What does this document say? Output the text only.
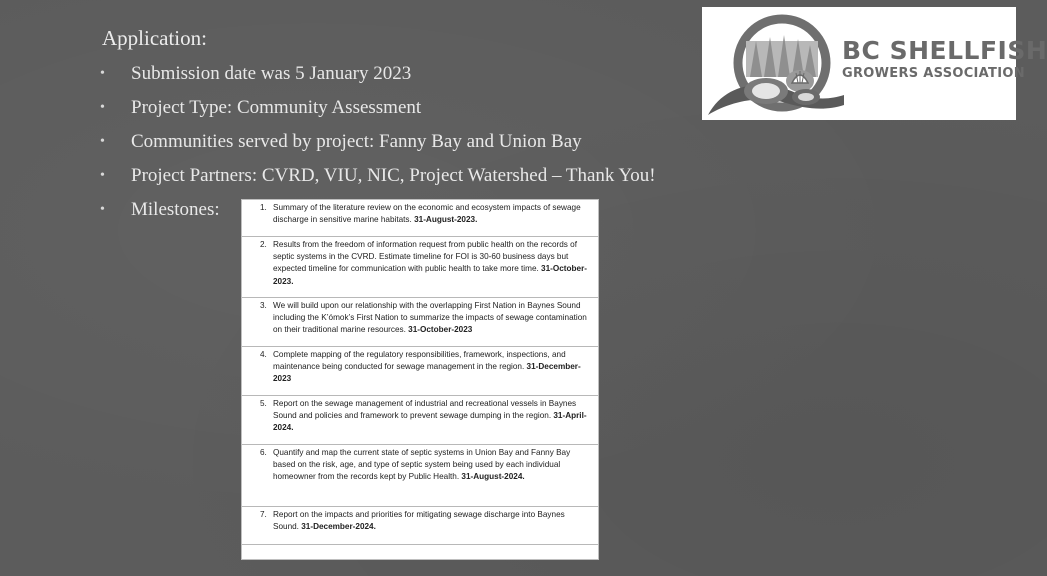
Application:
• Submission date was 5 January 2023
• Project Type: Community Assessment
• Communities served by project: Fanny Bay and Union Bay
• Project Partners: CVRD, VIU, NIC, Project Watershed – Thank You!
• Milestones:
BC SHELLFISH
GROWERS ASSOCIATION
1. Summary of the literature review on the economic and ecosystem impacts of sewage discharge in sensitive marine habitats. 31-August-2023.
2. Results from the freedom of information request from public health on the records of septic systems in the CVRD. Estimate timeline for FOI is 30-60 business days but expected timeline for communication with public health to take more time. 31-October-2023.
3. We will build upon our relationship with the overlapping First Nation in Baynes Sound including the K’ómok’s First Nation to summarize the impacts of sewage contamination on their traditional marine resources. 31-October-2023
4. Complete mapping of the regulatory responsibilities, framework, inspections, and maintenance being conducted for sewage management in the region. 31-December-2023
5. Report on the sewage management of industrial and recreational vessels in Baynes Sound and policies and framework to prevent sewage dumping in the region. 31-April-2024.
6. Quantify and map the current state of septic systems in Union Bay and Fanny Bay based on the risk, age, and type of septic system being used by each individual homeowner from the records kept by Public Health. 31-August-2024.
7. Report on the impacts and priorities for mitigating sewage discharge into Baynes Sound. 31-December-2024.
